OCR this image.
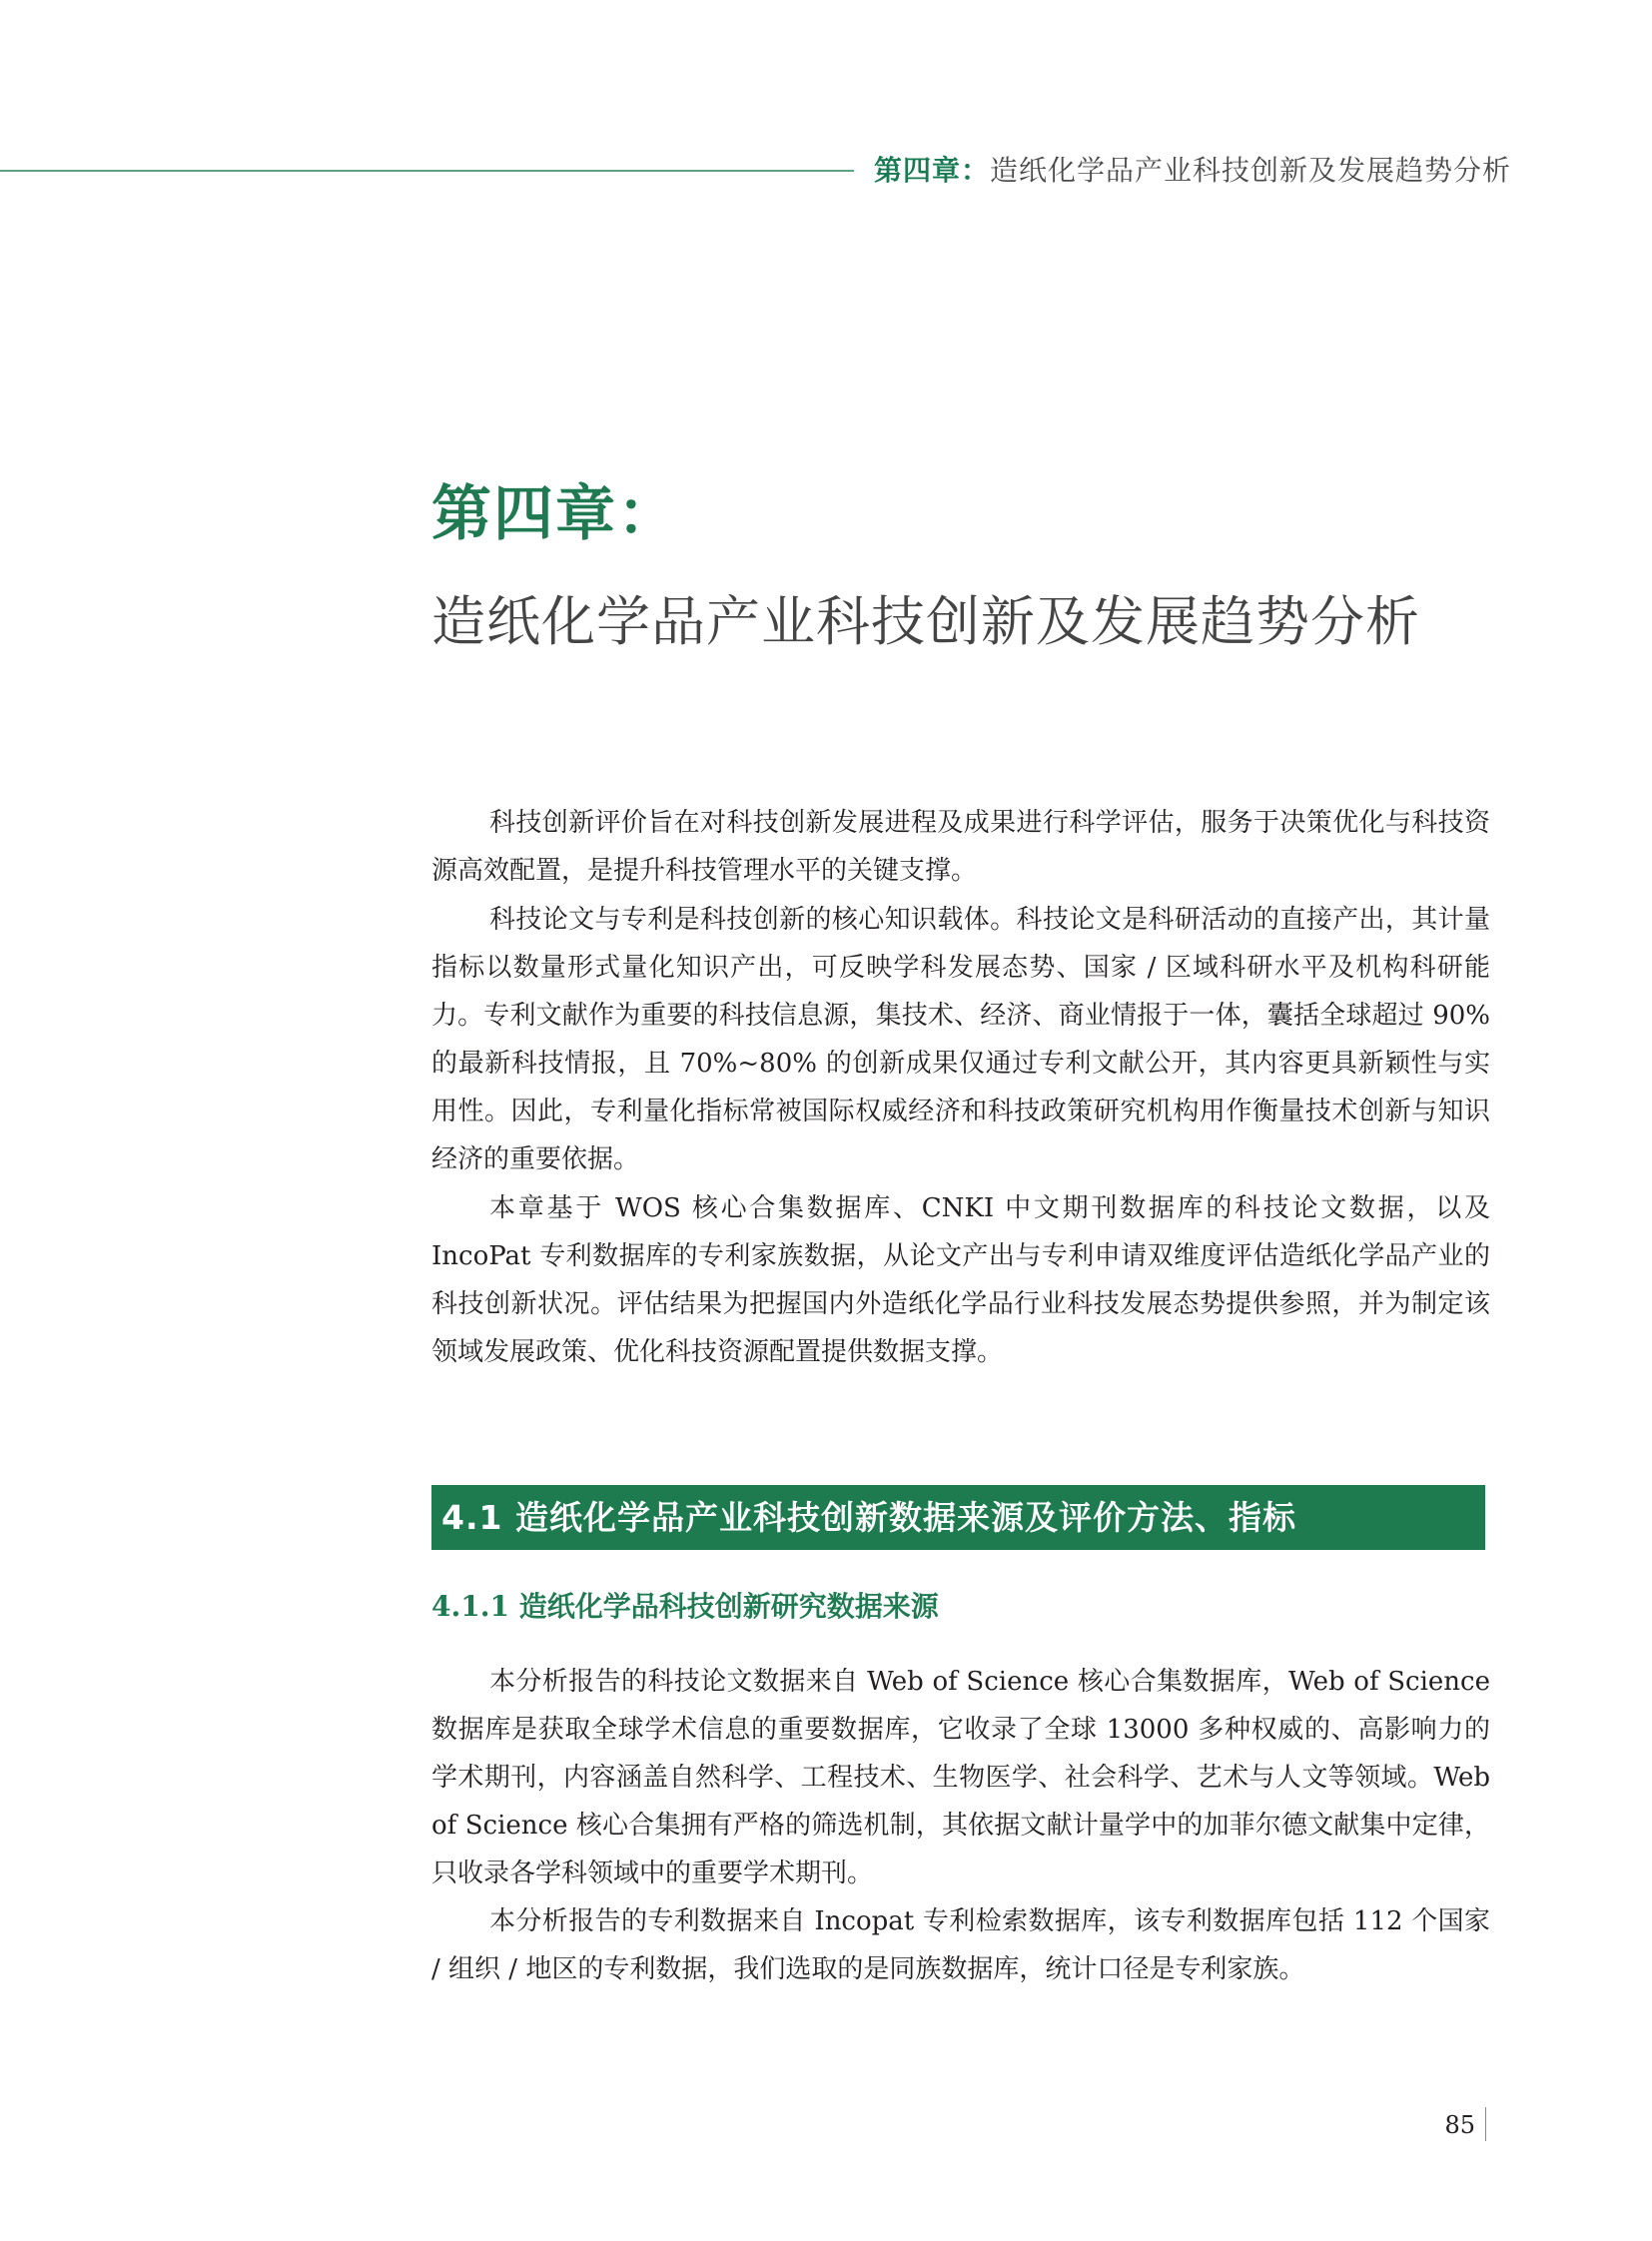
第四章：造纸化学品产业科技创新及发展趋势分析
第四章：
造纸化学品产业科技创新及发展趋势分析

科技创新评价旨在对科技创新发展进程及成果进行科学评估，服务于决策优化与科技资源高效配置，是提升科技管理水平的关键支撑。

科技论文与专利是科技创新的核心知识载体。科技论文是科研活动的直接产出，其计量指标以数量形式量化知识产出，可反映学科发展态势、国家 / 区域科研水平及机构科研能力。专利文献作为重要的科技信息源，集技术、经济、商业情报于一体，囊括全球超过 90% 的最新科技情报，且 70%~80% 的创新成果仅通过专利文献公开，其内容更具新颖性与实用性。因此，专利量化指标常被国际权威经济和科技政策研究机构用作衡量技术创新与知识经济的重要依据。

本章基于 WOS 核心合集数据库、CNKI 中文期刊数据库的科技论文数据，以及 IncoPat 专利数据库的专利家族数据，从论文产出与专利申请双维度评估造纸化学品产业的科技创新状况。评估结果为把握国内外造纸化学品行业科技发展态势提供参照，并为制定该领域发展政策、优化科技资源配置提供数据支撑。

4.1 造纸化学品产业科技创新数据来源及评价方法、指标
4.1.1 造纸化学品科技创新研究数据来源

本分析报告的科技论文数据来自 Web of Science 核心合集数据库，Web of Science 数据库是获取全球学术信息的重要数据库，它收录了全球 13000 多种权威的、高影响力的学术期刊，内容涵盖自然科学、工程技术、生物医学、社会科学、艺术与人文等领域。Web of Science 核心合集拥有严格的筛选机制，其依据文献计量学中的加菲尔德文献集中定律，只收录各学科领域中的重要学术期刊。

本分析报告的专利数据来自 Incopat 专利检索数据库，该专利数据库包括 112 个国家 / 组织 / 地区的专利数据，我们选取的是同族数据库，统计口径是专利家族。

85
